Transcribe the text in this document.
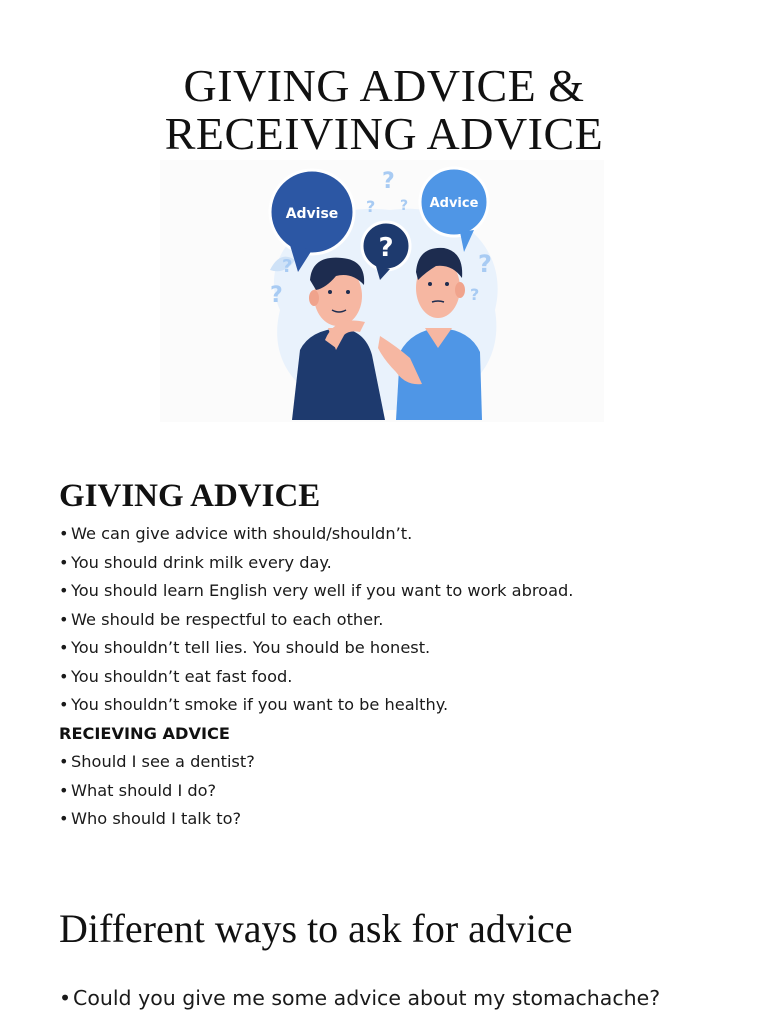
GIVING ADVICE &
RECEIVING ADVICE
Advise
Advice
?
?
? ?
?
?
?
?
GIVING ADVICE
• We can give advice with should/shouldn’t.
• You should drink milk every day.
• You should learn English very well if you want to work abroad.
• We should be respectful to each other.
• You shouldn’t tell lies. You should be honest.
• You shouldn’t eat fast food.
• You shouldn’t smoke if you want to be healthy.
RECIEVING ADVICE
• Should I see a dentist?
• What should I do?
• Who should I talk to?
Different ways to ask for advice
•Could you give me some advice about my stomachache?
